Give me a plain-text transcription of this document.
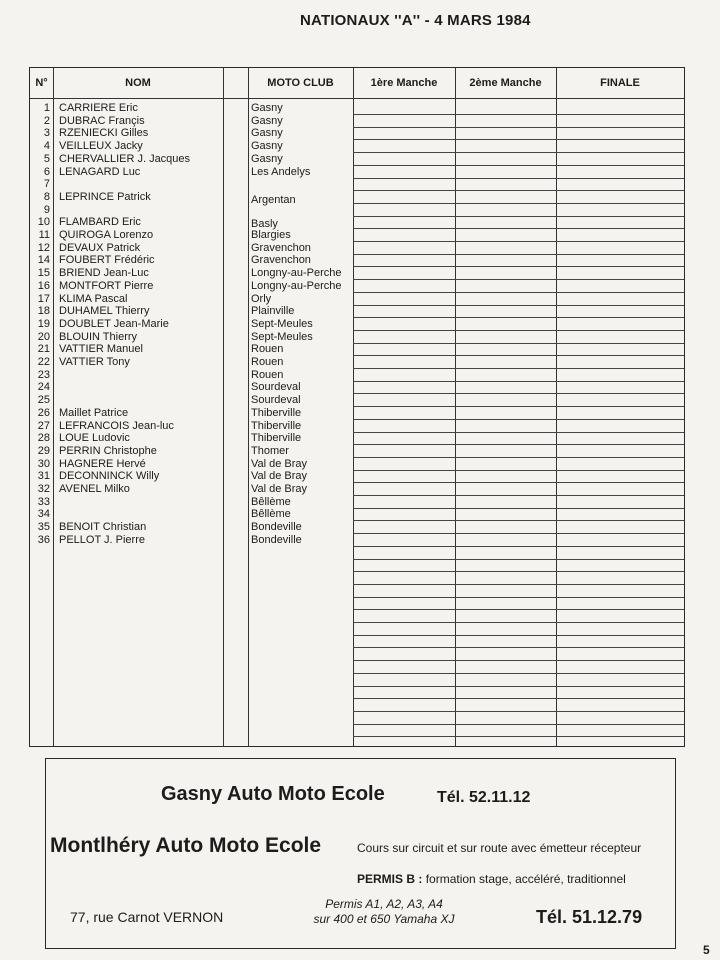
NATIONAUX ''A'' - 4 MARS 1984
N°	NOM	MOTO CLUB	1ère Manche	2ème Manche	FINALE
1 CARRIERE Eric	Gasny
2 DUBRAC Françis	Gasny
3 RZENIECKI Gilles	Gasny
4 VEILLEUX Jacky	Gasny
5 CHERVALLIER J. Jacques	Gasny
6 LENAGARD Luc	Les Andelys
7
8 LEPRINCE Patrick	Argentan
9
10 FLAMBARD Eric	Basly
11 QUIROGA Lorenzo	Blargies
12 DEVAUX Patrick	Gravenchon
14 FOUBERT Frédéric	Gravenchon
15 BRIEND Jean-Luc	Longny-au-Perche
16 MONTFORT Pierre	Longny-au-Perche
17 KLIMA Pascal	Orly
18 DUHAMEL Thierry	Plainville
19 DOUBLET Jean-Marie	Sept-Meules
20 BLOUIN Thierry	Sept-Meules
21 VATTIER Manuel	Rouen
22 VATTIER Tony	Rouen
23	Rouen
24	Sourdeval
25	Sourdeval
26 Maillet Patrice	Thiberville
27 LEFRANCOIS Jean-luc	Thiberville
28 LOUE Ludovic	Thiberville
29 PERRIN Christophe	Thomer
30 HAGNERE Hervé	Val de Bray
31 DECONNINCK Willy	Val de Bray
32 AVENEL Milko	Val de Bray
33	Bêllème
34	Bêllème
35 BENOIT Christian	Bondeville
36 PELLOT J. Pierre	Bondeville
Gasny Auto Moto Ecole	Tél. 52.11.12
Montlhéry Auto Moto Ecole	Cours sur circuit et sur route avec émetteur récepteur
PERMIS B : formation stage, accéléré, traditionnel
77, rue Carnot VERNON
Permis A1, A2, A3, A4
sur 400 et 650 Yamaha XJ	Tél. 51.12.79
5
